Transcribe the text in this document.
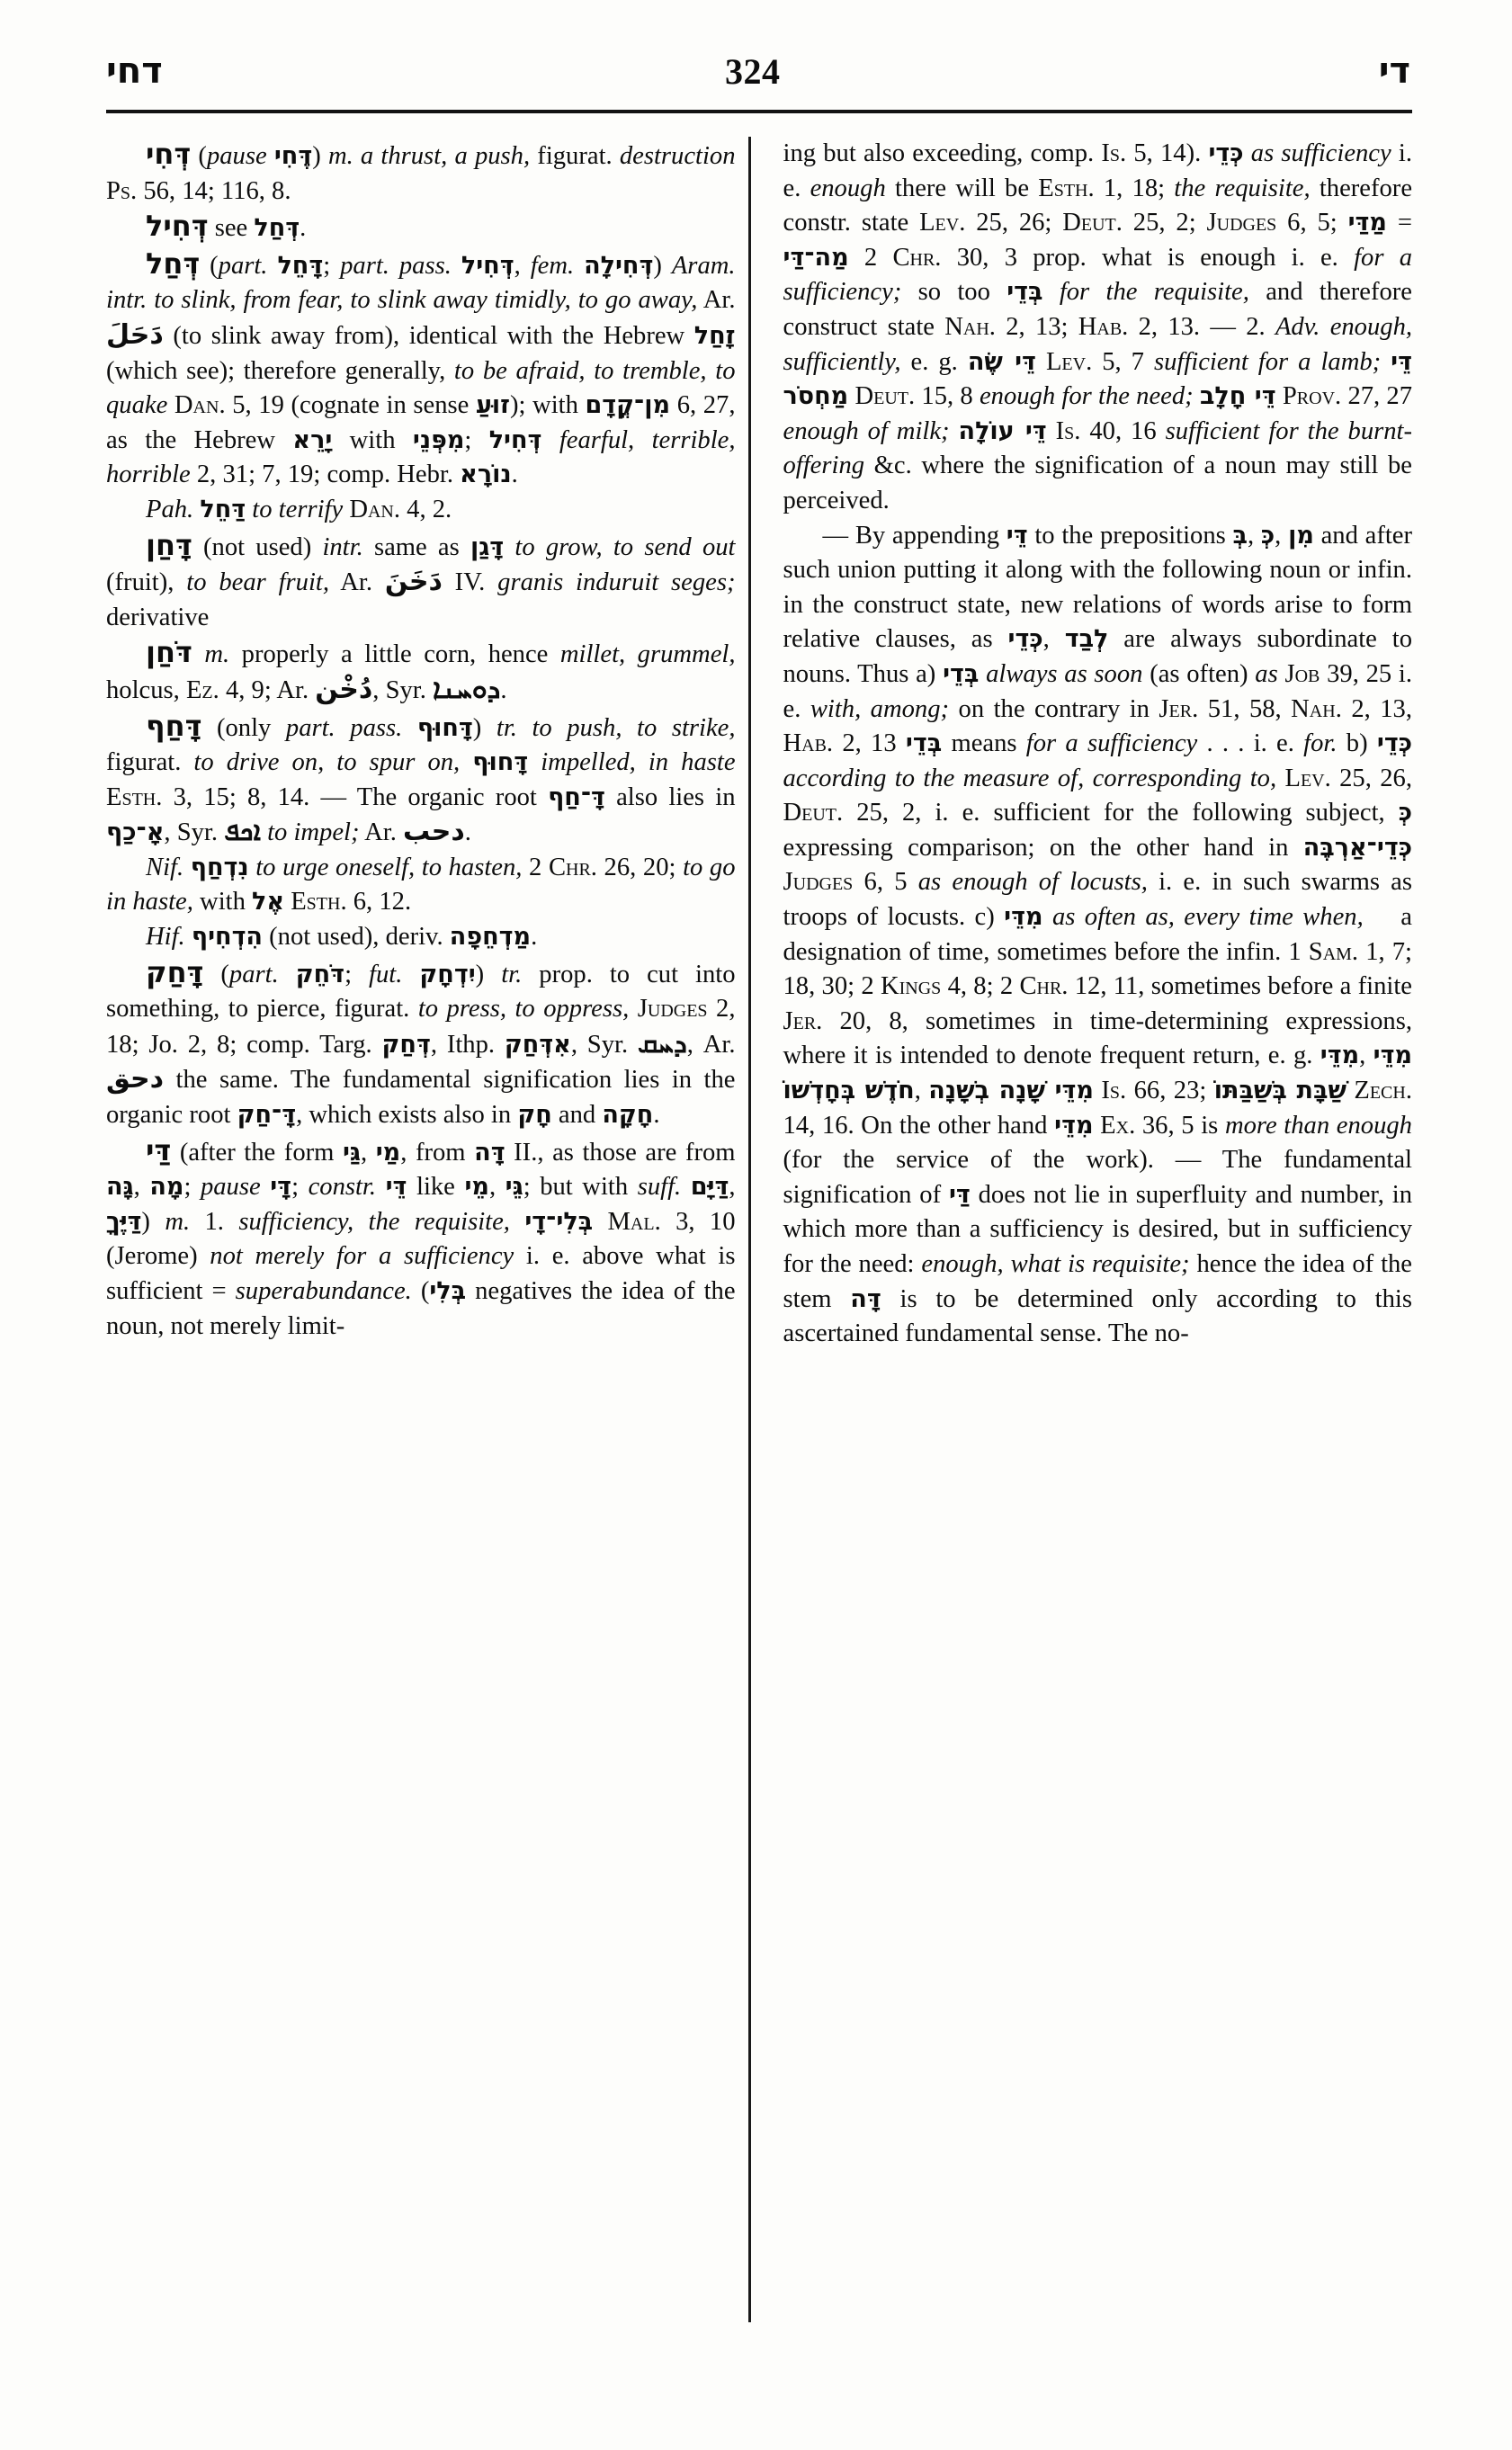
דחי	324	די

דְּחִי (pause דֶּחִי) m. a thrust, a push, figurat. destruction Ps. 56, 14; 116, 8.

דְּחִיל see דְּחַל.

דְּחַל (part. דָּחֵל; part. pass. דְּחִיל, fem. דְּחִילָה) Aram. intr. to slink, from fear, to slink away timidly, to go away, Ar. دَحَلَ (to slink away from), identical with the Hebrew זָחַל (which see); therefore generally, to be afraid, to tremble, to quake Dan. 5, 19 (cognate in sense זוּעַ); with מִן־קֳדָם 6, 27, as the Hebrew יָרֵא with מִפְּנֵי; דְּחִיל fearful, terrible, horrible 2, 31; 7, 19; comp. Hebr. נוֹרָא.

Pah. דַּחֵל to terrify Dan. 4, 2.

דָּחַן (not used) intr. same as דָּגַן to grow, to send out (fruit), to bear fruit, Ar. دَخَنَ IV. granis induruit seges; derivative

דֹּחַן m. properly a little corn, hence millet, grummel, holcus, Ez. 4, 9; Ar. دُخْن, Syr. ܕܘܚܢܐ.

דָּחַף (only part. pass. דָּחוּף) tr. to push, to strike, figurat. to drive on, to spur on, דָּחוּף impelled, in haste Esth. 3, 15; 8, 14. — The organic root דָּ־חַף also lies in אָ־כַף, Syr. ܐܟܦ to impel; Ar. دحب.

Nif. נִדְחַף to urge oneself, to hasten, 2 Chr. 26, 20; to go in haste, with אֶל Esth. 6, 12.

Hif. הִדְחִיף (not used), deriv. מַדְחֵפָה.

דָּחַק (part. דֹּחֵק; fut. יִדְחָק) tr. prop. to cut into something, to pierce, figurat. to press, to oppress, Judges 2, 18; Jo. 2, 8; comp. Targ. דְּחַק, Ithp. אִדְּחַק, Syr. ܕܚܩ, Ar. دحق the same. The fundamental signification lies in the organic root דָּ־חַק, which exists also in חָק and חָקָה.

דַּי (after the form גַּי, מַי, from דָּה II., as those are from גָּה, מָה; pause דָּי; constr. דֵּי like מֵי, גֵּי; but with suff. דַּיָּם, דַּיֶּךָ) m. 1. sufficiency, the requisite, בְּלִי־דָי Mal. 3, 10 (Jerome) not merely for a sufficiency i. e. above what is sufficient = superabundance. (בְּלִי negatives the idea of the noun, not merely limit-

ing but also exceeding, comp. Is. 5, 14). כְּדֵי as sufficiency i. e. enough there will be Esth. 1, 18; the requisite, therefore constr. state Lev. 25, 26; Deut. 25, 2; Judges 6, 5; מַדַּי = מַה־דַּי 2 Chr. 30, 3 prop. what is enough i. e. for a sufficiency; so too בְּדֵי for the requisite, and therefore construct state Nah. 2, 13; Hab. 2, 13. — 2. Adv. enough, sufficiently, e. g. דֵּי שֶׂה Lev. 5, 7 sufficient for a lamb; דֵּי מַחְסֹר Deut. 15, 8 enough for the need; דֵּי חָלָב Prov. 27, 27 enough of milk; דֵּי עוֹלָה Is. 40, 16 sufficient for the burnt-offering &c. where the signification of a noun may still be perceived.

— By appending דֵּי to the prepositions בְּ, כְּ, מִן and after such union putting it along with the following noun or infin. in the construct state, new relations of words arise to form relative clauses, as כְּדֵי, לְבַד are always subordinate to nouns. Thus a) בְּדֵי always as soon (as often) as Job 39, 25 i. e. with, among; on the contrary in Jer. 51, 58, Nah. 2, 13, Hab. 2, 13 בְּדֵי means for a sufficiency . . . i. e. for. b) כְּדֵי according to the measure of, corresponding to, Lev. 25, 26, Deut. 25, 2, i. e. sufficient for the following subject, כְּ expressing comparison; on the other hand in כְּדֵי־אַרְבֶּה Judges 6, 5 as enough of locusts, i. e. in such swarms as troops of locusts. c) מִדֵּי as often as, every time when,    a designation of time, sometimes before the infin. 1 Sam. 1, 7; 18, 30; 2 Kings 4, 8; 2 Chr. 12, 11, sometimes before a finite Jer. 20, 8, sometimes in time-determining expressions, where it is intended to denote frequent return, e. g. מִדֵּי, מִדֵּי חֹדֶשׁ בְּחָדְשׁוֹ, מִדֵּי שָׁנָה בְשָׁנָה Is. 66, 23; שַׁבָּת בְּשַׁבַּתּוֹ Zech. 14, 16. On the other hand מִדֵּי Ex. 36, 5 is more than enough (for the service of the work). — The fundamental signification of דַּי does not lie in superfluity and number, in which more than a sufficiency is desired, but in sufficiency for the need: enough, what is requisite; hence the idea of the stem דָּה is to be determined only according to this ascertained fundamental sense. The no-
